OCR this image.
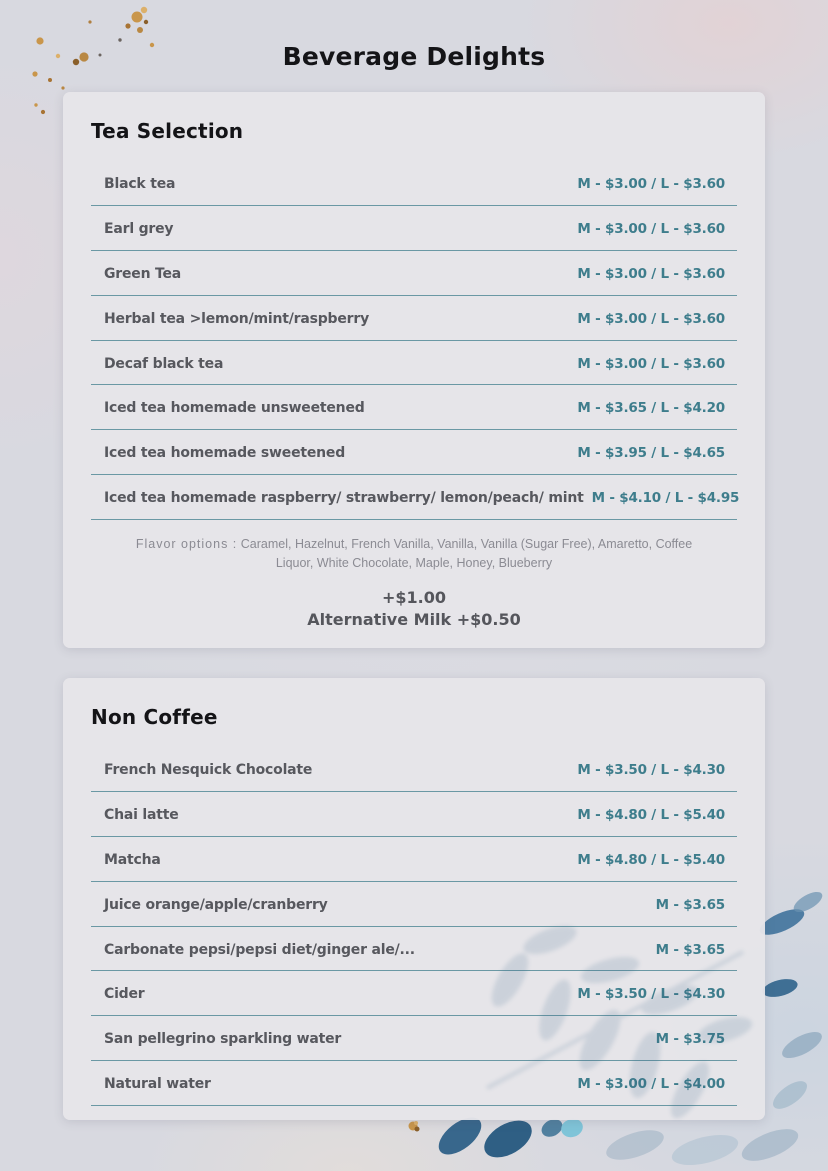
Beverage Delights
Tea Selection
Black tea	M - $3.00 / L - $3.60
Earl grey	M - $3.00 / L - $3.60
Green Tea	M - $3.00 / L - $3.60
Herbal tea >lemon/mint/raspberry	M - $3.00 / L - $3.60
Decaf black tea	M - $3.00 / L - $3.60
Iced tea homemade unsweetened	M - $3.65 / L - $4.20
Iced tea homemade sweetened	M - $3.95 / L - $4.65
Iced tea homemade raspberry/ strawberry/ lemon/peach/ mint M - $4.10 / L - $4.95
Flavor options : Caramel, Hazelnut, French Vanilla, Vanilla, Vanilla (Sugar Free), Amaretto, Coffee Liquor, White Chocolate, Maple, Honey, Blueberry
+$1.00
Alternative Milk +$0.50
Non Coffee
French Nesquick Chocolate	M - $3.50 / L - $4.30
Chai latte	M - $4.80 / L - $5.40
Matcha	M - $4.80 / L - $5.40
Juice orange/apple/cranberry	M - $3.65
Carbonate pepsi/pepsi diet/ginger ale/...	M - $3.65
Cider	M - $3.50 / L - $4.30
San pellegrino sparkling water	M - $3.75
Natural water	M - $3.00 / L - $4.00
